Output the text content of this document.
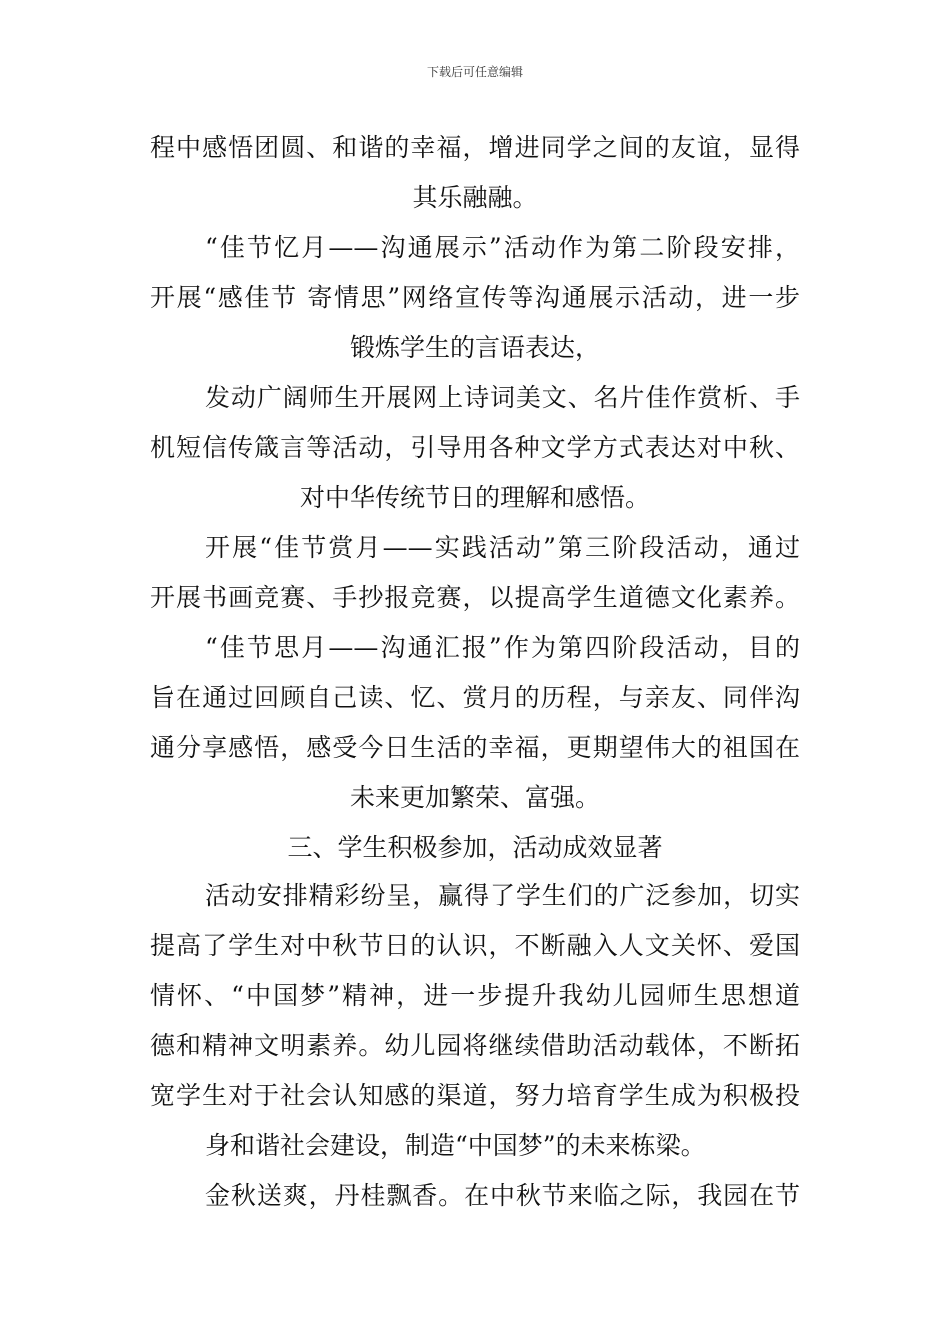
下载后可任意编辑
程中感悟团圆、和谐的幸福，增进同学之间的友谊，显得
其乐融融。
“佳节忆月——沟通展示”活动作为第二阶段安排，
开展“感佳节 寄情思”网络宣传等沟通展示活动，进一步
锻炼学生的言语表达，
发动广阔师生开展网上诗词美文、名片佳作赏析、手
机短信传箴言等活动，引导用各种文学方式表达对中秋、
对中华传统节日的理解和感悟。
开展“佳节赏月——实践活动”第三阶段活动，通过
开展书画竞赛、手抄报竞赛，以提高学生道德文化素养。
“佳节思月——沟通汇报”作为第四阶段活动，目的
旨在通过回顾自己读、忆、赏月的历程，与亲友、同伴沟
通分享感悟，感受今日生活的幸福，更期望伟大的祖国在
未来更加繁荣、富强。
三、学生积极参加，活动成效显著
活动安排精彩纷呈，赢得了学生们的广泛参加，切实
提高了学生对中秋节日的认识，不断融入人文关怀、爱国
情怀、“中国梦”精神，进一步提升我幼儿园师生思想道
德和精神文明素养。幼儿园将继续借助活动载体，不断拓
宽学生对于社会认知感的渠道，努力培育学生成为积极投
身和谐社会建设，制造“中国梦”的未来栋梁。
金秋送爽，丹桂飘香。在中秋节来临之际，我园在节
